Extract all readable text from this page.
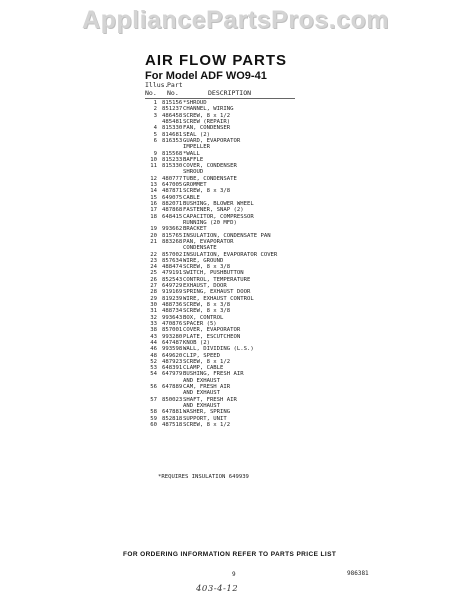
AppliancePartsPros.com
AIR FLOW PARTS
For Model ADF WO9-41
Illus.
Part
No. No.	DESCRIPTION
1 815156 *SHROUD
2 851237 CHANNEL, WIRING
3 486458 SCREW, 8 x 1/2
485481 SCREW (REPAIR)
4 815330 FAN, CONDENSER
5 814681 SEAL (2)
6 816353 GUARD, EVAPORATOR
IMPELLER
9 815568 *WALL
10 815233 BAFFLE
11 815330 COVER, CONDENSER
SHROUD
12 480777 TUBE, CONDENSATE
13 647005 GROMMET
14 487871 SCREW, 8 x 3/8
15 649075 CABLE
16 882071 BUSHING, BLOWER WHEEL
17 487868 FASTENER, SNAP (2)
18 648415 CAPACITOR, COMPRESSOR
RUNNING (20 MFD)
19 993662 BRACKET
20 815765 INSULATION, CONDENSATE PAN
21 883268 PAN, EVAPORATOR
CONDENSATE
22 857002 INSULATION, EVAPORATOR COVER
23 857634 WIRE, GROUND
24 488474 SCREW, 8 x 3/8
25 479191 SWITCH, PUSHBUTTON
26 852543 CONTROL, TEMPERATURE
27 649729 EXHAUST, DOOR
28 919169 SPRING, EXHAUST DOOR
29 819239 WIRE, EXHAUST CONTROL
30 488736 SCREW, 8 x 3/8
31 488734 SCREW, 8 x 3/8
32 993643 BOX, CONTROL
33 470876 SPACER (5)
38 857001 COVER, EVAPORATOR
43 993280 PLATE, ESCUTCHEON
44 647487 KNOB (2)
46 993598 WALL, DIVIDING (L.S.)
48 649620 CLIP, SPEED
52 487923 SCREW, 8 x 1/2
53 648391 CLAMP, CABLE
54 647979 BUSHING, FRESH AIR
AND EXHAUST
56 647889 CAM, FRESH AIR
AND EXHAUST
57 850023 SHAFT, FRESH AIR
AND EXHAUST
58 647881 WASHER, SPRING
59 852818 SUPPORT, UNIT
60 487518 SCREW, 8 x 1/2
*REQUIRES INSULATION 649939
FOR ORDERING INFORMATION REFER TO PARTS PRICE LIST
9	986381
403-4-12
